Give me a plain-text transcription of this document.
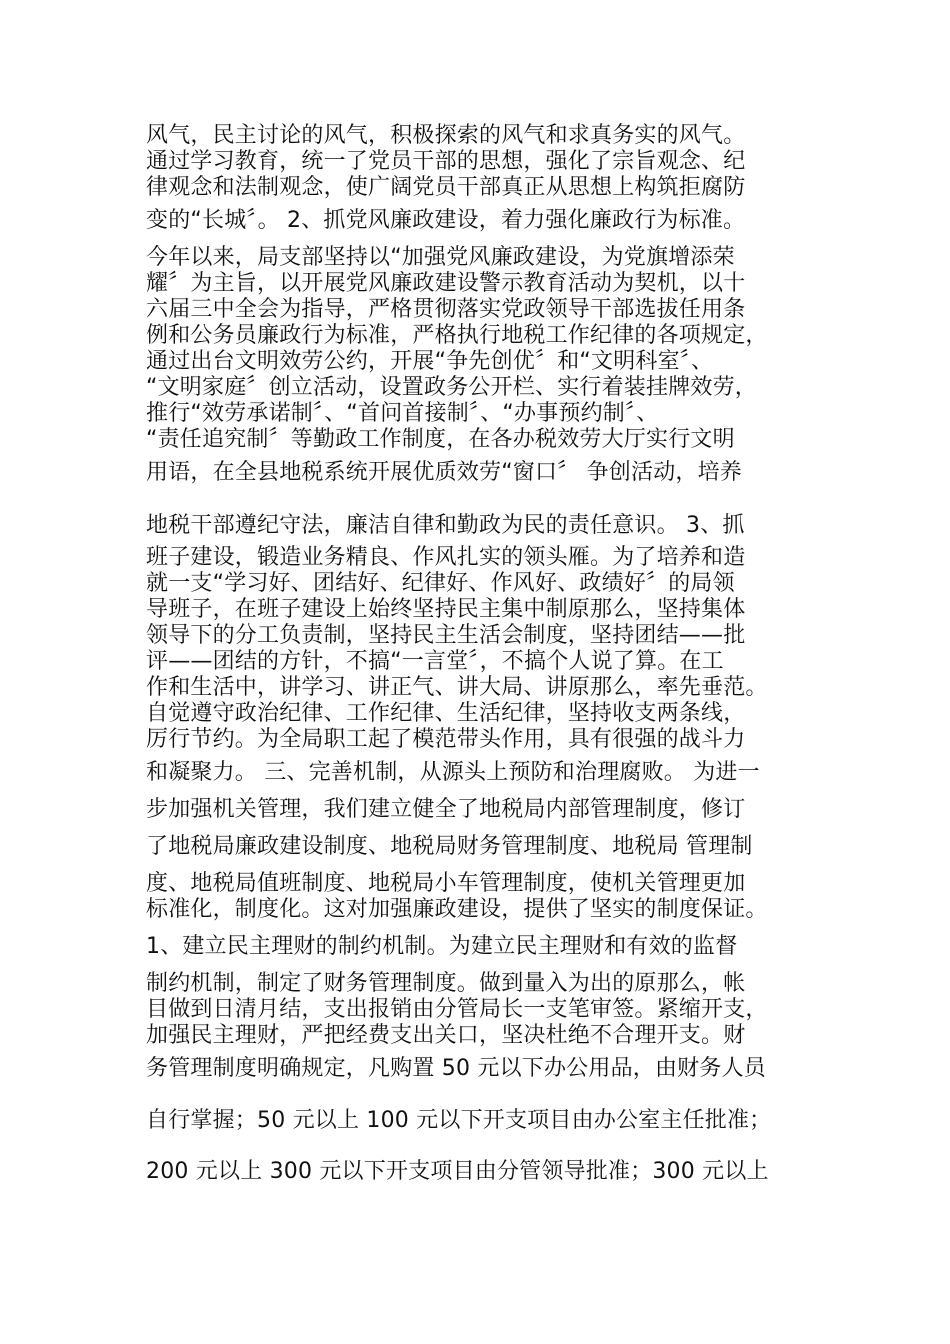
风气，民主讨论的风气，积极探索的风气和求真务实的风气。
通过学习教育，统一了党员干部的思想，强化了宗旨观念、纪
律观念和法制观念，使广阔党员干部真正从思想上构筑拒腐防
变的“长城〞。 2、抓党风廉政建设，着力强化廉政行为标准。
今年以来，局支部坚持以“加强党风廉政建设，为党旗增添荣
耀〞为主旨，以开展党风廉政建设警示教育活动为契机，以十
六届三中全会为指导，严格贯彻落实党政领导干部选拔任用条
例和公务员廉政行为标准，严格执行地税工作纪律的各项规定，
通过出台文明效劳公约，开展“争先创优〞和“文明科室〞、
“文明家庭〞创立活动，设置政务公开栏、实行着装挂牌效劳，
推行“效劳承诺制〞、“首问首接制〞、“办事预约制〞、
“责任追究制〞等勤政工作制度，在各办税效劳大厅实行文明
用语，在全县地税系统开展优质效劳“窗口〞 争创活动，培养
地税干部遵纪守法，廉洁自律和勤政为民的责任意识。 3、抓
班子建设，锻造业务精良、作风扎实的领头雁。为了培养和造
就一支“学习好、团结好、纪律好、作风好、政绩好〞的局领
导班子，在班子建设上始终坚持民主集中制原那么，坚持集体
领导下的分工负责制，坚持民主生活会制度，坚持团结——批
评——团结的方针，不搞“一言堂〞，不搞个人说了算。在工
作和生活中，讲学习、讲正气、讲大局、讲原那么，率先垂范。
自觉遵守政治纪律、工作纪律、生活纪律，坚持收支两条线，
厉行节约。为全局职工起了模范带头作用，具有很强的战斗力
和凝聚力。 三、完善机制，从源头上预防和治理腐败。 为进一
步加强机关管理，我们建立健全了地税局内部管理制度，修订
了地税局廉政建设制度、地税局财务管理制度、地税局 管理制
度、地税局值班制度、地税局小车管理制度，使机关管理更加
标准化，制度化。这对加强廉政建设，提供了坚实的制度保证。
1、建立民主理财的制约机制。为建立民主理财和有效的监督
制约机制，制定了财务管理制度。做到量入为出的原那么，帐
目做到日清月结，支出报销由分管局长一支笔审签。紧缩开支，
加强民主理财，严把经费支出关口，坚决杜绝不合理开支。财
务管理制度明确规定，凡购置 50 元以下办公用品，由财务人员
自行掌握；50 元以上 100 元以下开支项目由办公室主任批准；
200 元以上 300 元以下开支项目由分管领导批准；300 元以上
